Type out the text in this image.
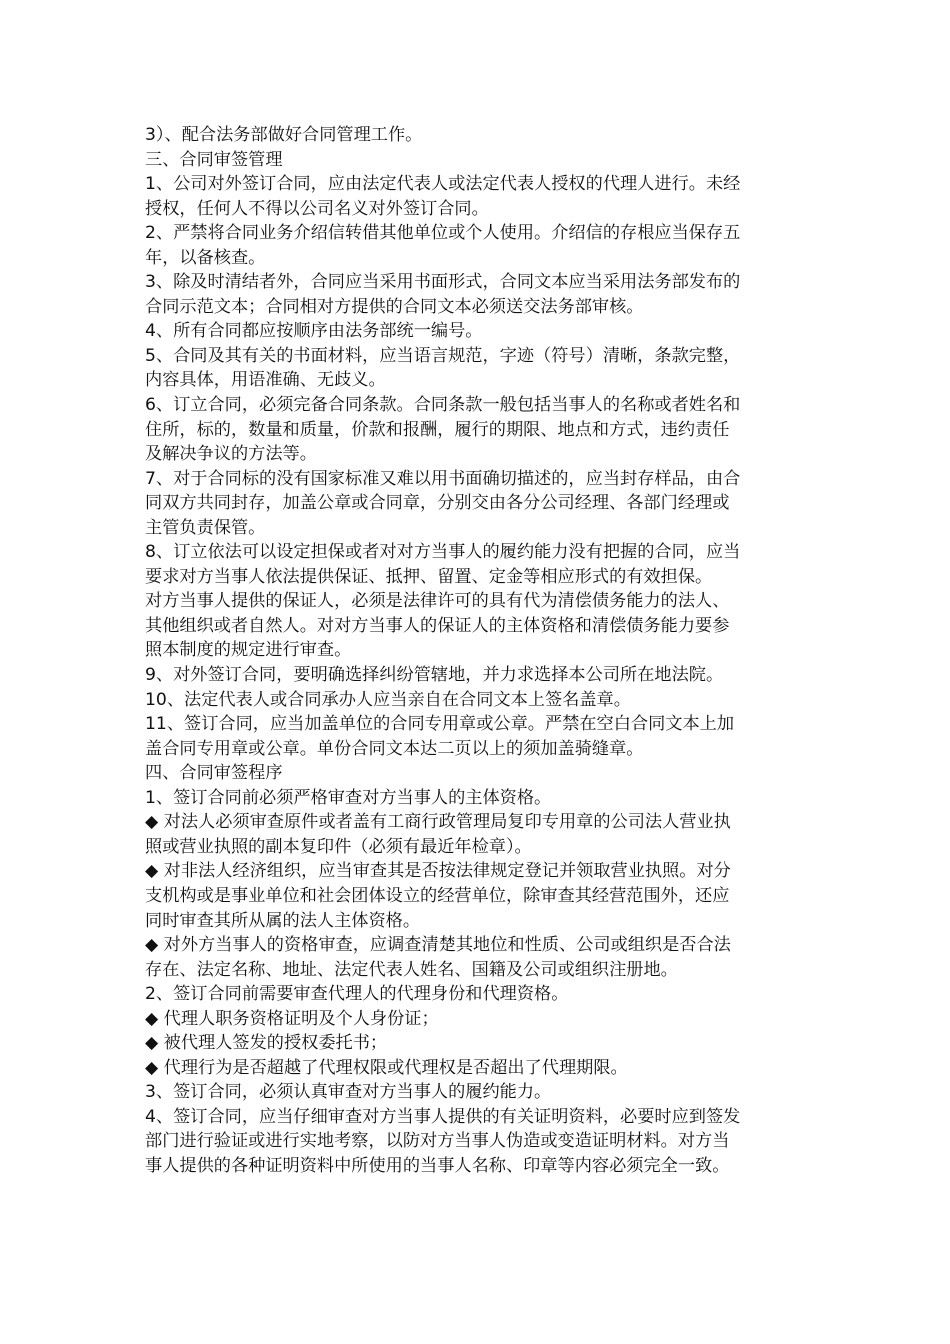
3）、配合法务部做好合同管理工作。
三、合同审签管理
1、公司对外签订合同，应由法定代表人或法定代表人授权的代理人进行。未经
授权，任何人不得以公司名义对外签订合同。
2、严禁将合同业务介绍信转借其他单位或个人使用。介绍信的存根应当保存五
年，以备核查。
3、除及时清结者外，合同应当采用书面形式，合同文本应当采用法务部发布的
合同示范文本；合同相对方提供的合同文本必须送交法务部审核。
4、所有合同都应按顺序由法务部统一编号。
5、合同及其有关的书面材料，应当语言规范，字迹（符号）清晰，条款完整，
内容具体，用语准确、无歧义。
6、订立合同，必须完备合同条款。合同条款一般包括当事人的名称或者姓名和
住所，标的，数量和质量，价款和报酬，履行的期限、地点和方式，违约责任
及解决争议的方法等。
7、对于合同标的没有国家标准又难以用书面确切描述的，应当封存样品，由合
同双方共同封存，加盖公章或合同章，分别交由各分公司经理、各部门经理或
主管负责保管。
8、订立依法可以设定担保或者对对方当事人的履约能力没有把握的合同，应当
要求对方当事人依法提供保证、抵押、留置、定金等相应形式的有效担保。
对方当事人提供的保证人，必须是法律许可的具有代为清偿债务能力的法人、
其他组织或者自然人。对对方当事人的保证人的主体资格和清偿债务能力要参
照本制度的规定进行审查。
9、对外签订合同，要明确选择纠纷管辖地，并力求选择本公司所在地法院。
10、法定代表人或合同承办人应当亲自在合同文本上签名盖章。
11、签订合同，应当加盖单位的合同专用章或公章。严禁在空白合同文本上加
盖合同专用章或公章。单份合同文本达二页以上的须加盖骑缝章。
四、合同审签程序
1、签订合同前必须严格审查对方当事人的主体资格。
◆ 对法人必须审查原件或者盖有工商行政管理局复印专用章的公司法人营业执
照或营业执照的副本复印件（必须有最近年检章）。
◆ 对非法人经济组织，应当审查其是否按法律规定登记并领取营业执照。对分
支机构或是事业单位和社会团体设立的经营单位，除审查其经营范围外，还应
同时审查其所从属的法人主体资格。
◆ 对外方当事人的资格审查，应调查清楚其地位和性质、公司或组织是否合法
存在、法定名称、地址、法定代表人姓名、国籍及公司或组织注册地。
2、签订合同前需要审查代理人的代理身份和代理资格。
◆ 代理人职务资格证明及个人身份证；
◆ 被代理人签发的授权委托书；
◆ 代理行为是否超越了代理权限或代理权是否超出了代理期限。
3、签订合同，必须认真审查对方当事人的履约能力。
4、签订合同，应当仔细审查对方当事人提供的有关证明资料，必要时应到签发
部门进行验证或进行实地考察，以防对方当事人伪造或变造证明材料。对方当
事人提供的各种证明资料中所使用的当事人名称、印章等内容必须完全一致。
